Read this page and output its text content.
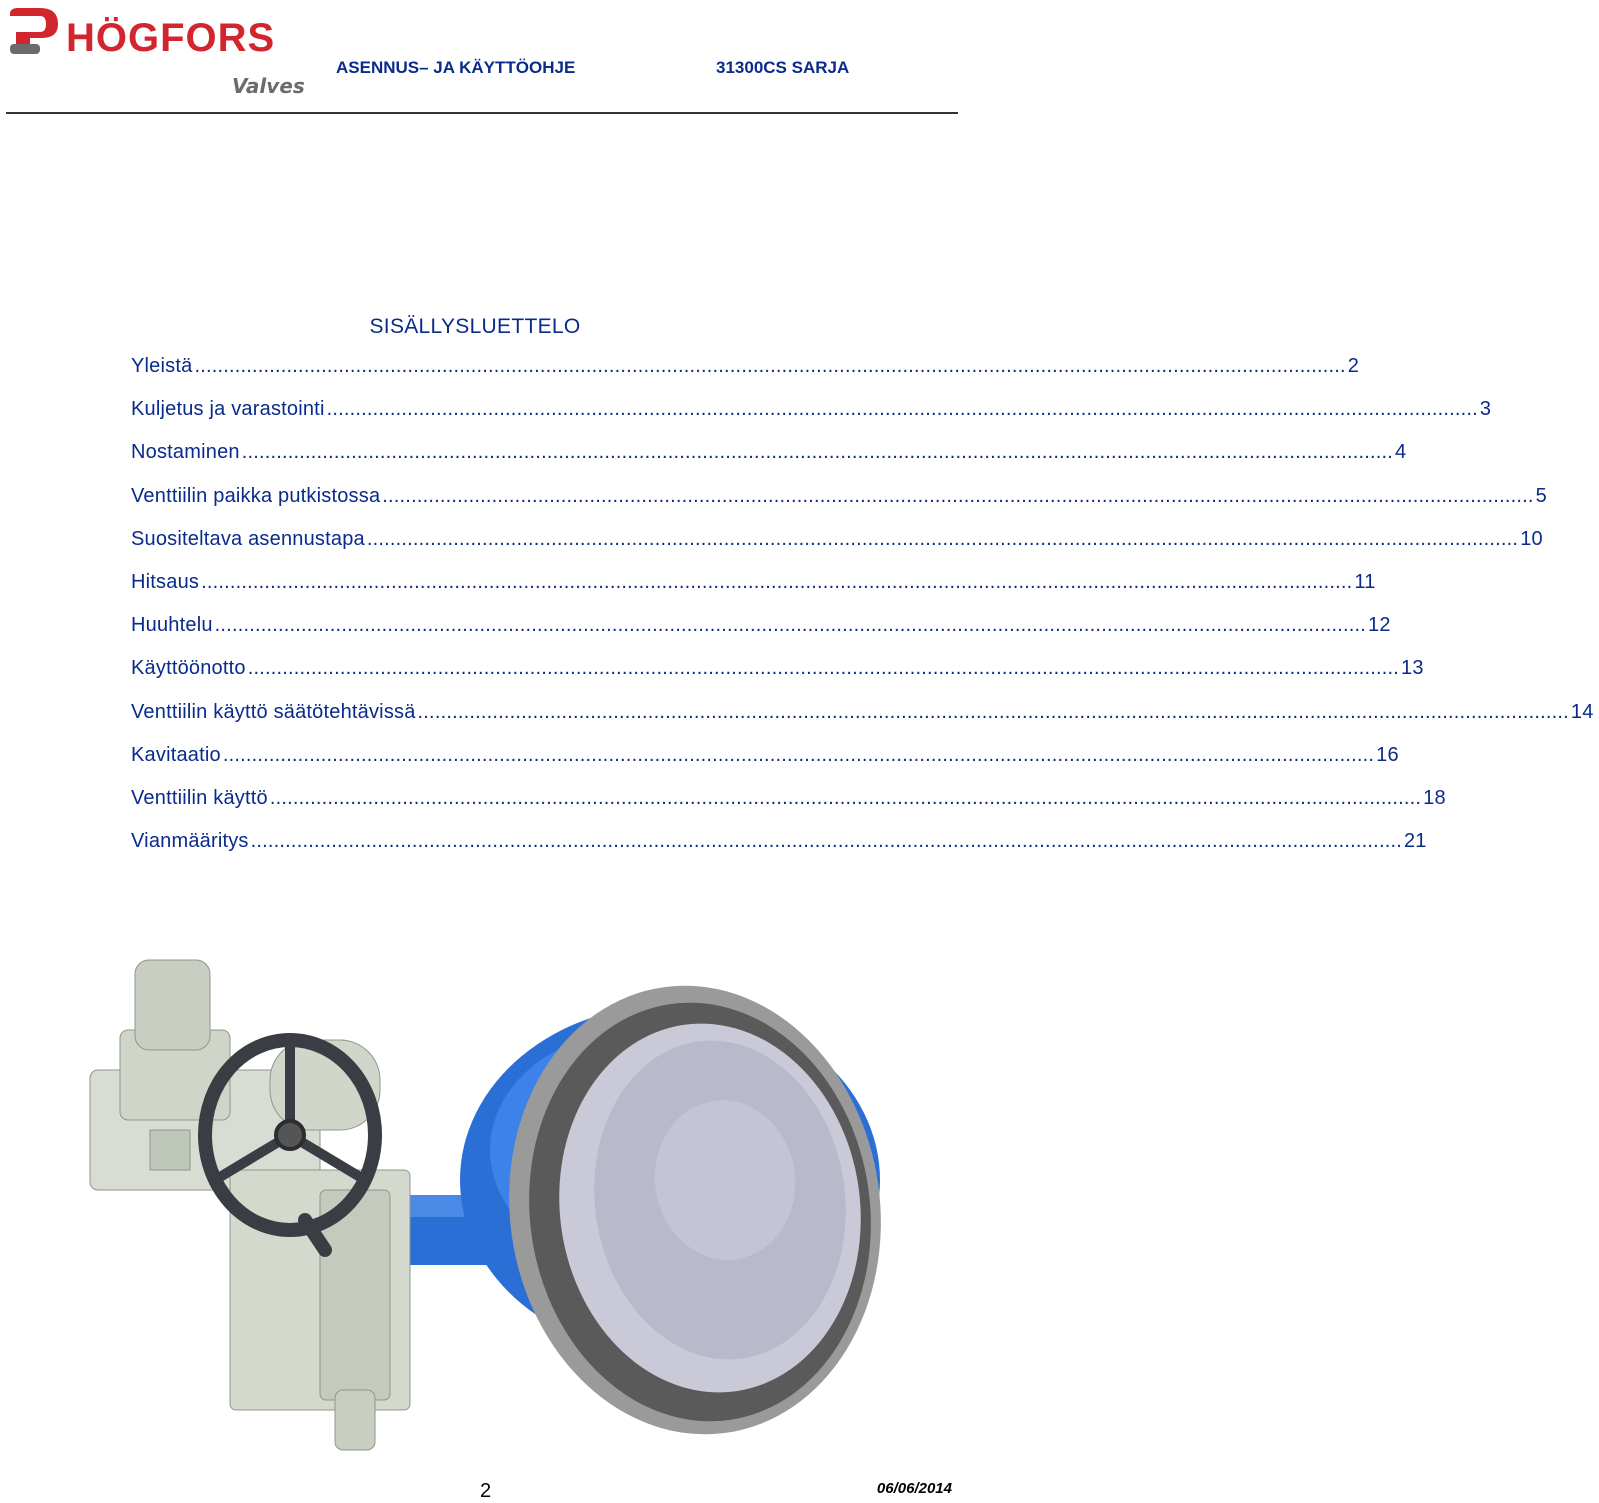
HÖGFORS
Valves
ASENNUS– JA KÄYTTÖOHJE	31300CS SARJA
SISÄLLYSLUETTELO
Yleistä ........................................................................................................................................................................................................ 2
Kuljetus ja varastointi ........................................................................................................................................................................................................ 3
Nostaminen ........................................................................................................................................................................................................ 4
Venttiilin paikka putkistossa ........................................................................................................................................................................................................ 5
Suositeltava asennustapa ........................................................................................................................................................................................................ 10
Hitsaus ........................................................................................................................................................................................................ 11
Huuhtelu ........................................................................................................................................................................................................ 12
Käyttöönotto ........................................................................................................................................................................................................ 13
Venttiilin käyttö säätötehtävissä ........................................................................................................................................................................................................ 14
Kavitaatio ........................................................................................................................................................................................................ 16
Venttiilin käyttö ........................................................................................................................................................................................................ 18
Vianmääritys ........................................................................................................................................................................................................ 21
2	06/06/2014
